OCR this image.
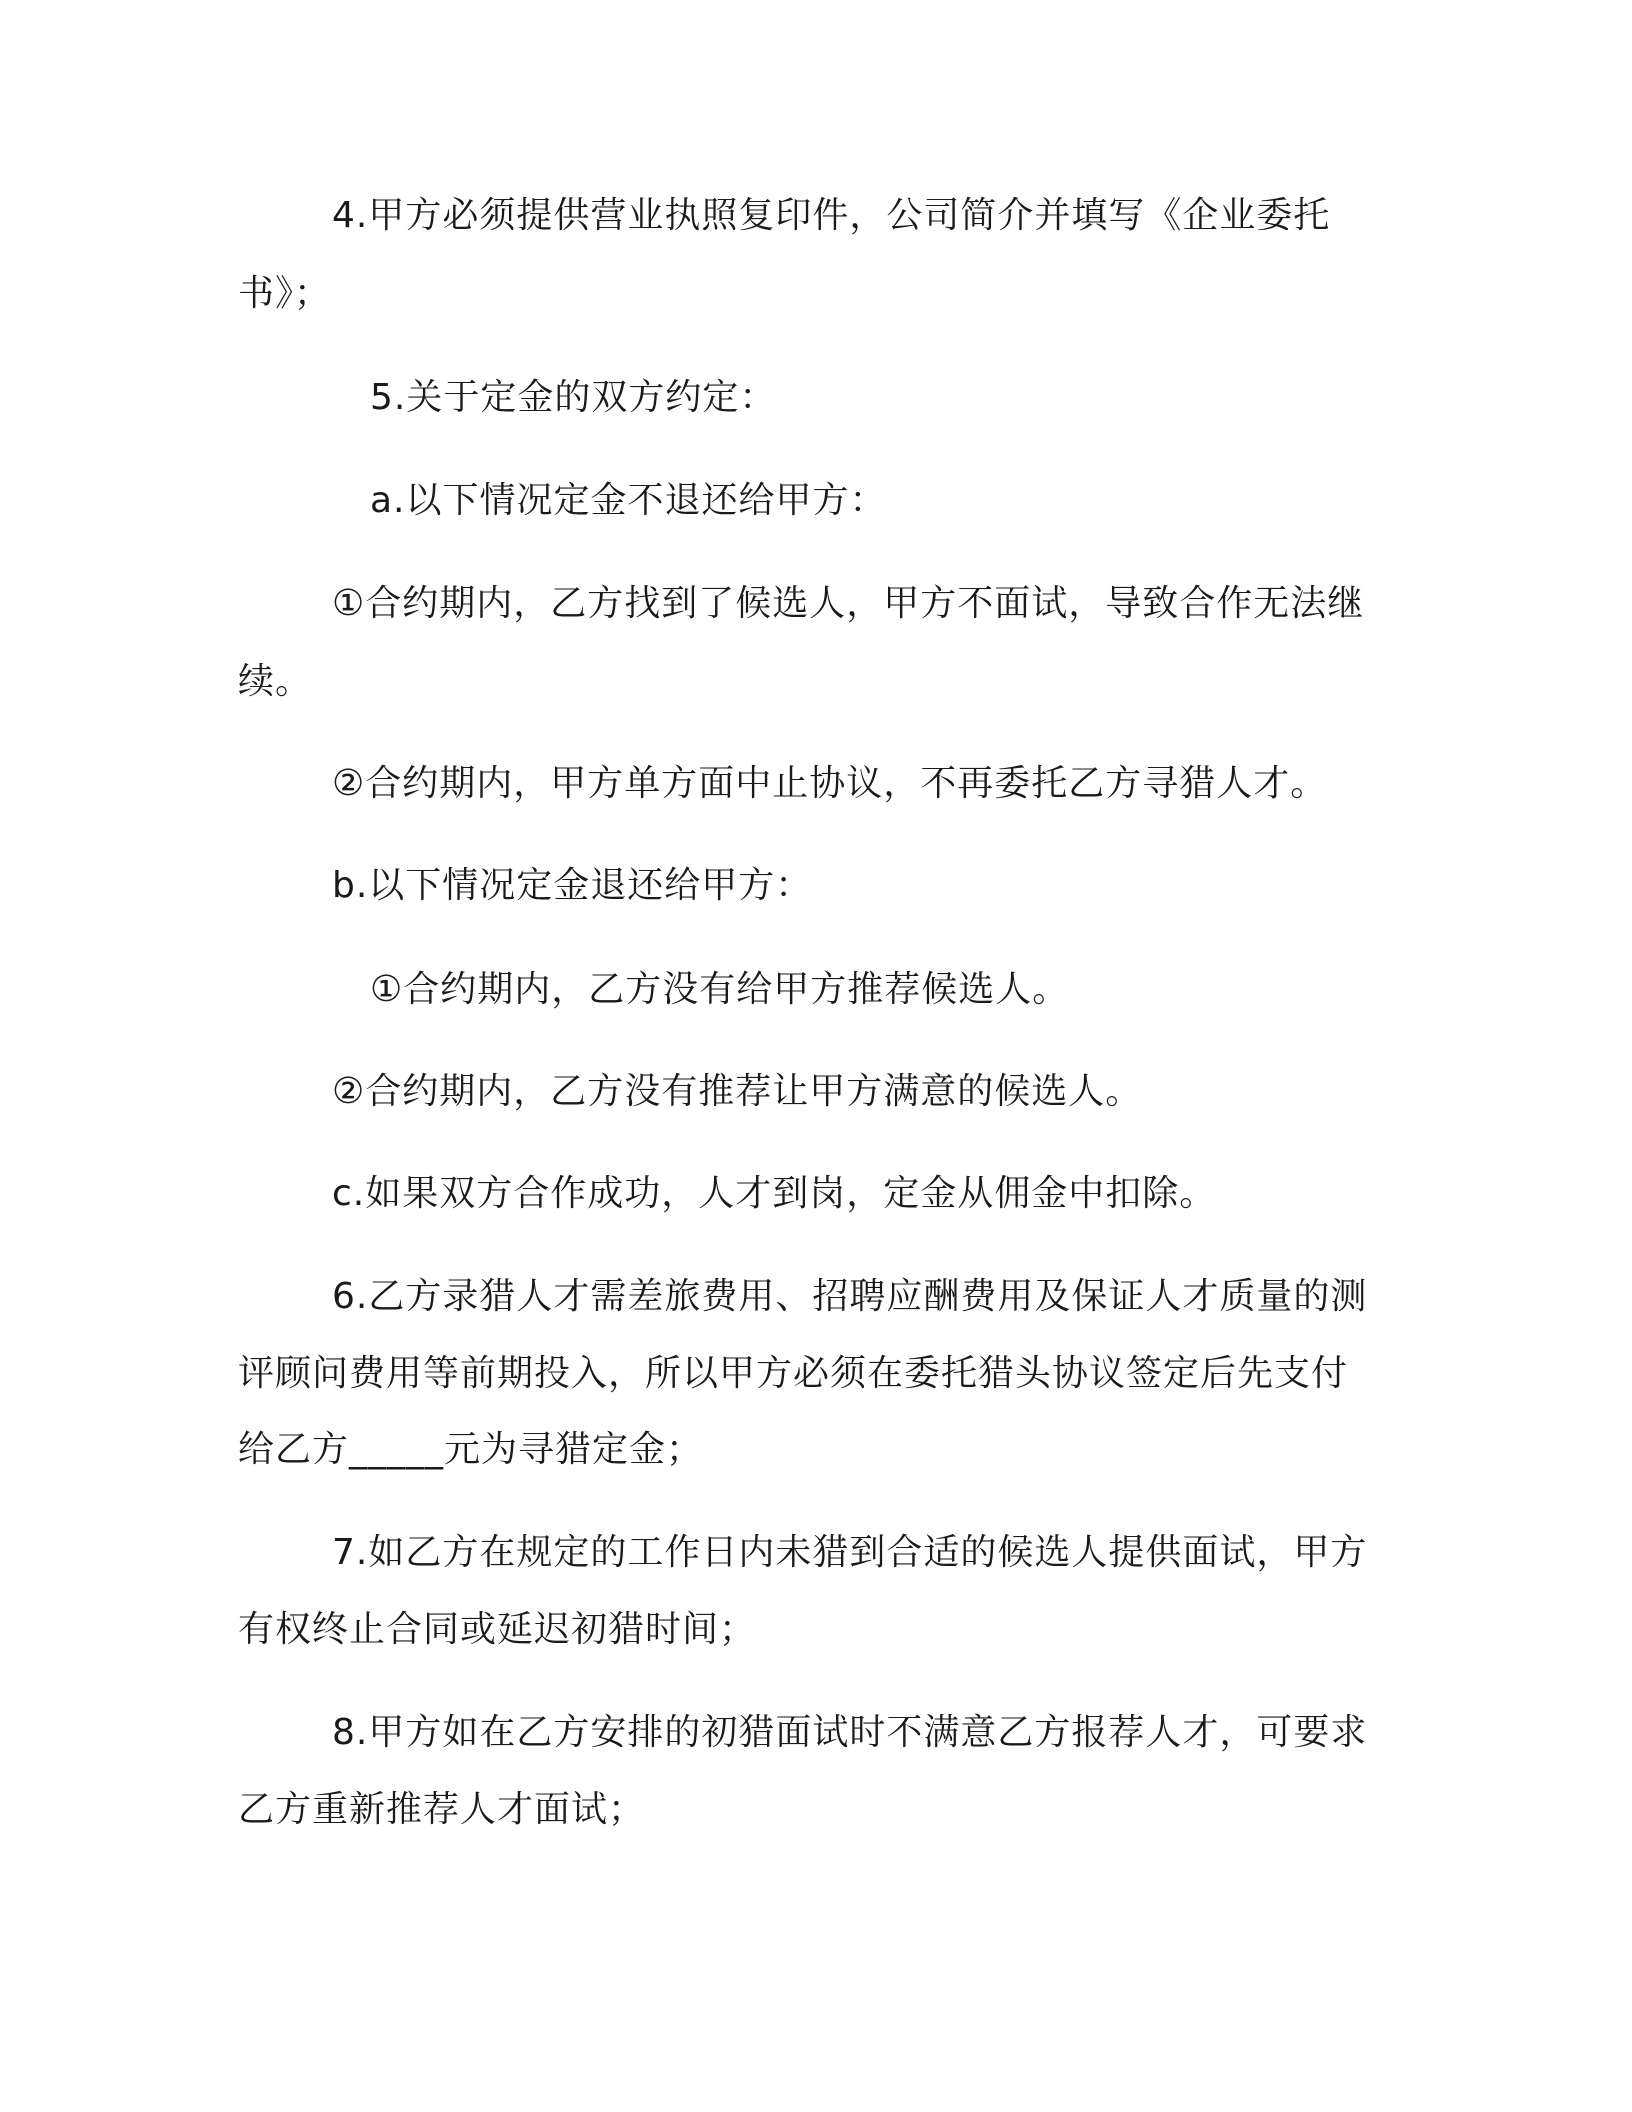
4.甲方必须提供营业执照复印件，公司简介并填写《企业委托
书》；
5.关于定金的双方约定：
a.以下情况定金不退还给甲方：
①合约期内，乙方找到了候选人，甲方不面试，导致合作无法继
续。
②合约期内，甲方单方面中止协议，不再委托乙方寻猎人才。
b.以下情况定金退还给甲方：
①合约期内，乙方没有给甲方推荐候选人。
②合约期内，乙方没有推荐让甲方满意的候选人。
c.如果双方合作成功，人才到岗，定金从佣金中扣除。
6.乙方录猎人才需差旅费用、招聘应酬费用及保证人才质量的测
评顾问费用等前期投入，所以甲方必须在委托猎头协议签定后先支付
给乙方_____元为寻猎定金；
7.如乙方在规定的工作日内未猎到合适的候选人提供面试，甲方
有权终止合同或延迟初猎时间；
8.甲方如在乙方安排的初猎面试时不满意乙方报荐人才，可要求
乙方重新推荐人才面试；
